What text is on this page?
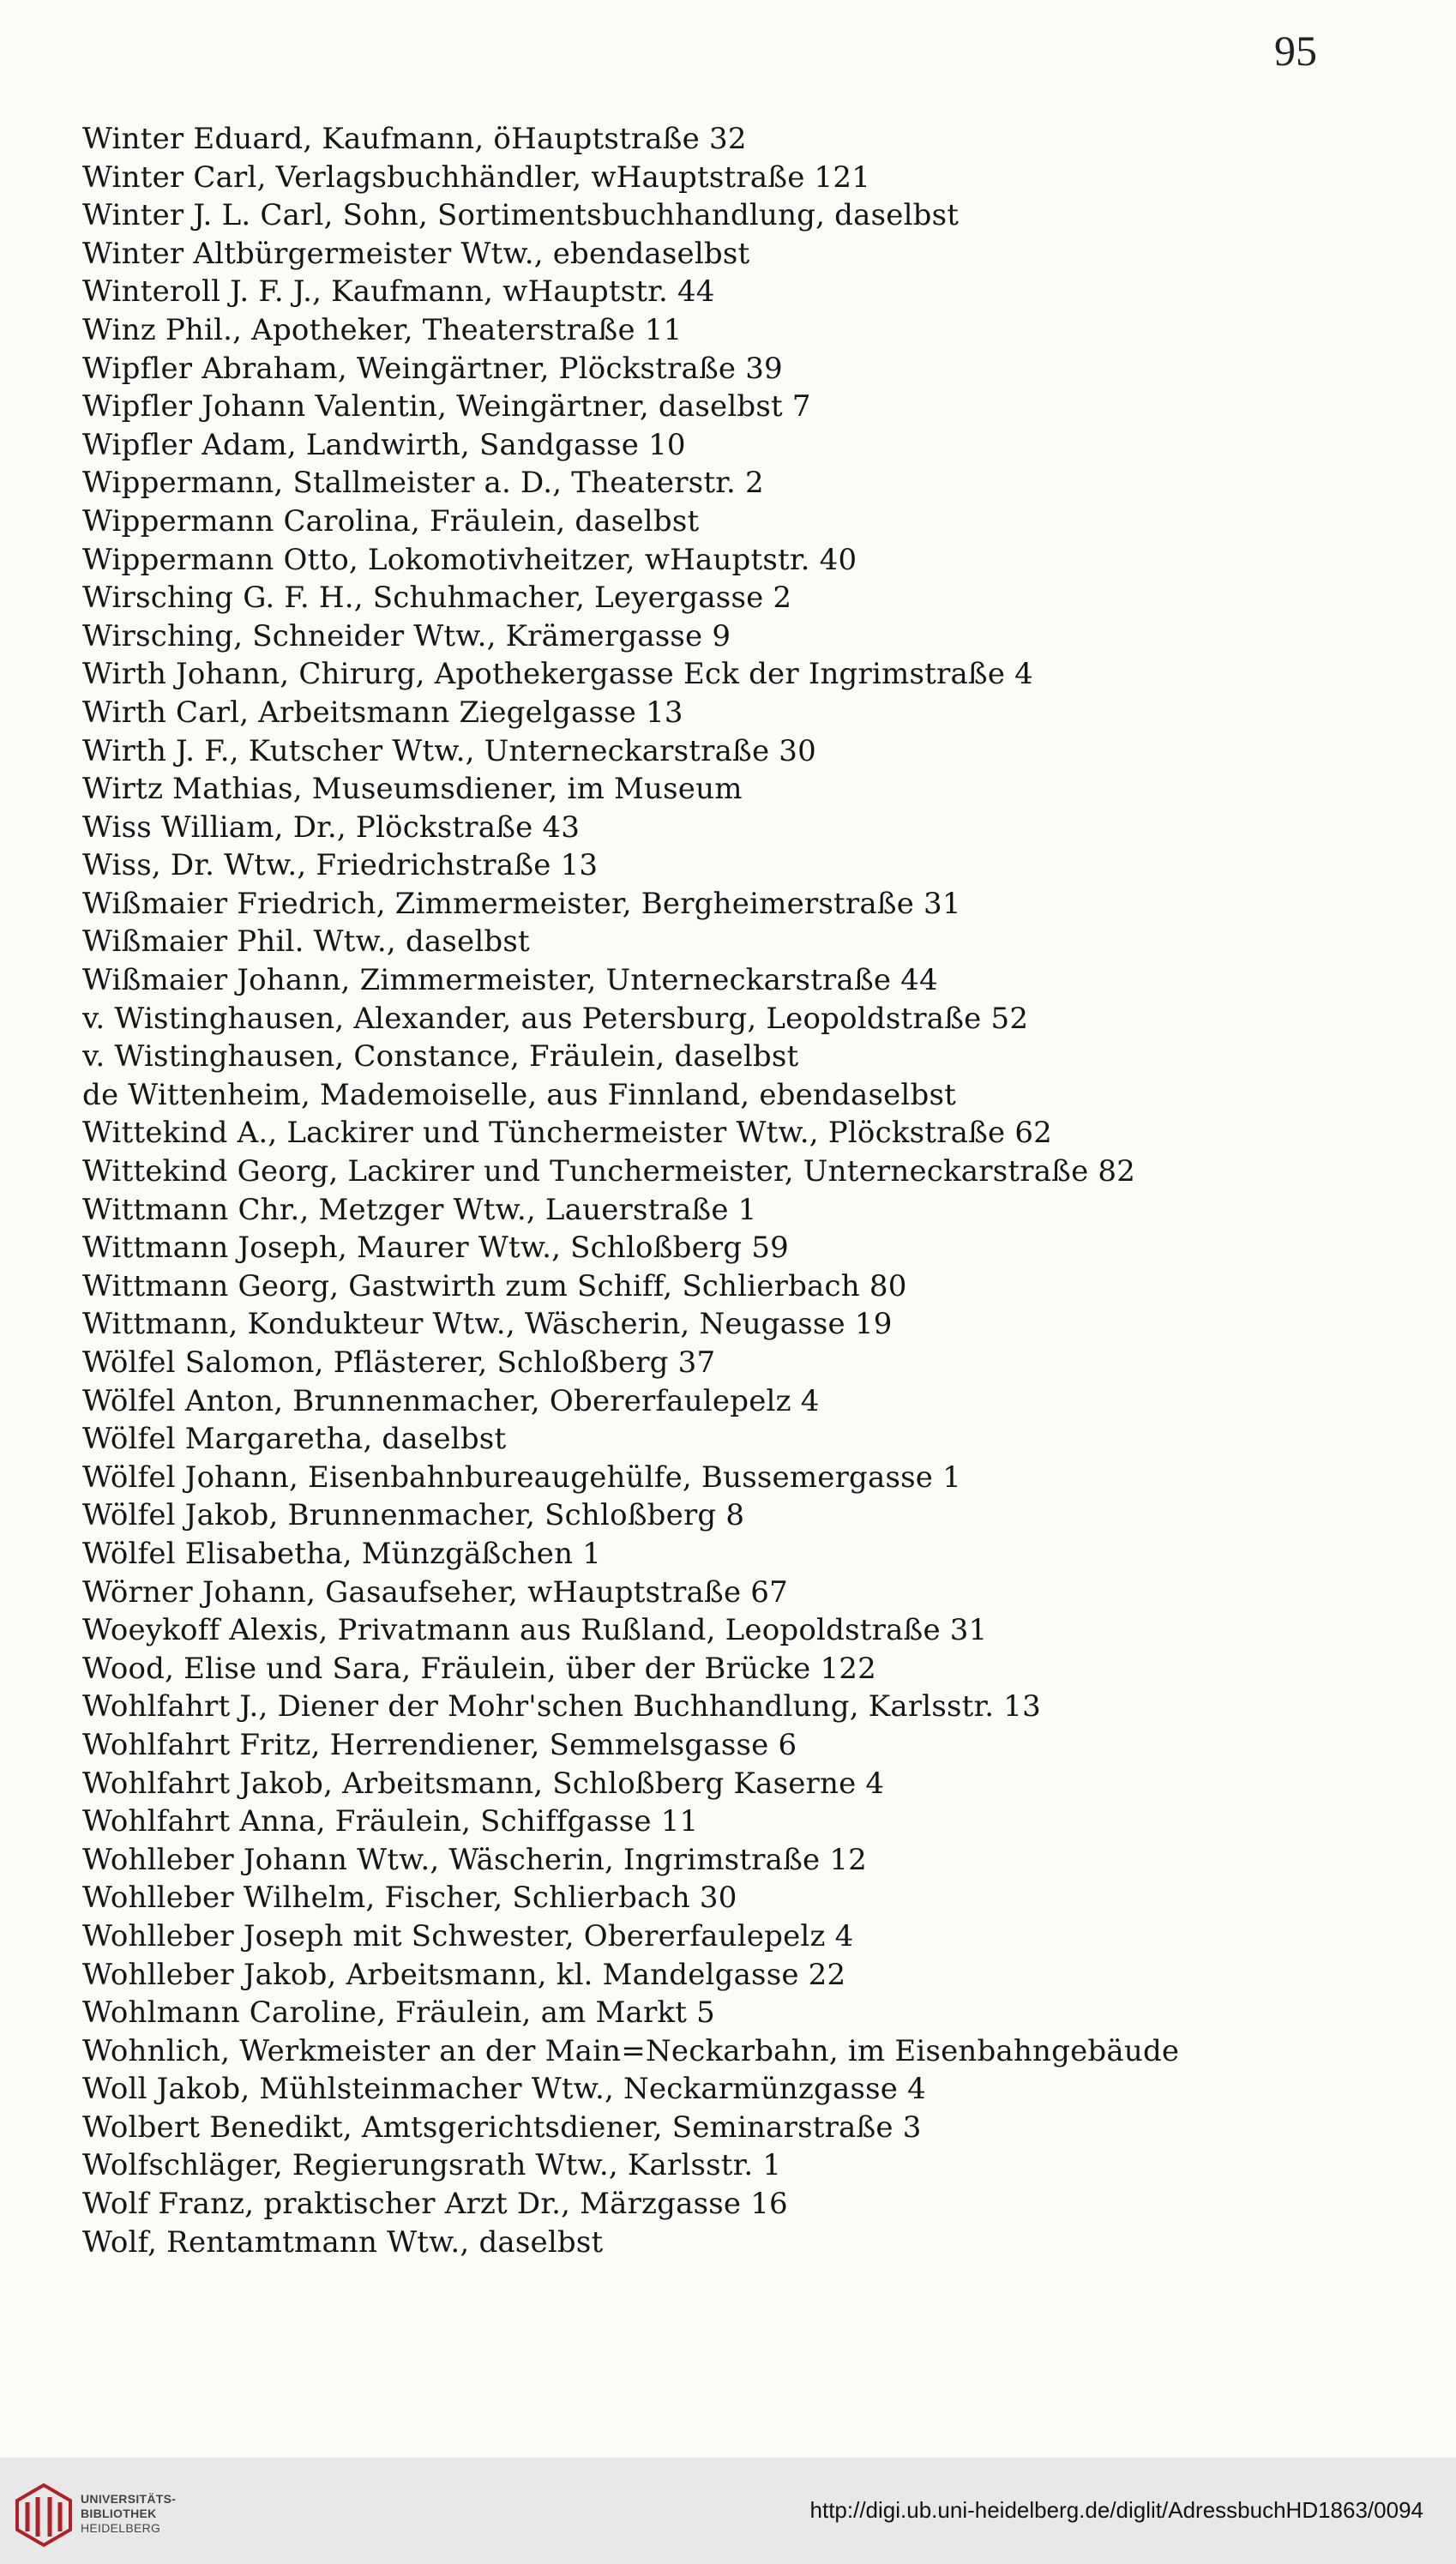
95
Winter Eduard, Kaufmann, öHauptstraße 32
Winter Carl, Verlagsbuchhändler, wHauptstraße 121
Winter J. L. Carl, Sohn, Sortimentsbuchhandlung, daselbst
Winter Altbürgermeister Wtw., ebendaselbst
Winteroll J. F. J., Kaufmann, wHauptstr. 44
Winz Phil., Apotheker, Theaterstraße 11
Wipfler Abraham, Weingärtner, Plöckstraße 39
Wipfler Johann Valentin, Weingärtner, daselbst 7
Wipfler Adam, Landwirth, Sandgasse 10
Wippermann, Stallmeister a. D., Theaterstr. 2
Wippermann Carolina, Fräulein, daselbst
Wippermann Otto, Lokomotivheitzer, wHauptstr. 40
Wirsching G. F. H., Schuhmacher, Leyergasse 2
Wirsching, Schneider Wtw., Krämergasse 9
Wirth Johann, Chirurg, Apothekergasse Eck der Ingrimstraße 4
Wirth Carl, Arbeitsmann Ziegelgasse 13
Wirth J. F., Kutscher Wtw., Unterneckarstraße 30
Wirtz Mathias, Museumsdiener, im Museum
Wiss William, Dr., Plöckstraße 43
Wiss, Dr. Wtw., Friedrichstraße 13
Wißmaier Friedrich, Zimmermeister, Bergheimerstraße 31
Wißmaier Phil. Wtw., daselbst
Wißmaier Johann, Zimmermeister, Unterneckarstraße 44
v. Wistinghausen, Alexander, aus Petersburg, Leopoldstraße 52
v. Wistinghausen, Constance, Fräulein, daselbst
de Wittenheim, Mademoiselle, aus Finnland, ebendaselbst
Wittekind A., Lackirer und Tünchermeister Wtw., Plöckstraße 62
Wittekind Georg, Lackirer und Tunchermeister, Unterneckarstraße 82
Wittmann Chr., Metzger Wtw., Lauerstraße 1
Wittmann Joseph, Maurer Wtw., Schloßberg 59
Wittmann Georg, Gastwirth zum Schiff, Schlierbach 80
Wittmann, Kondukteur Wtw., Wäscherin, Neugasse 19
Wölfel Salomon, Pflästerer, Schloßberg 37
Wölfel Anton, Brunnenmacher, Obererfaulepelz 4
Wölfel Margaretha, daselbst
Wölfel Johann, Eisenbahnbureaugehülfe, Bussemergasse 1
Wölfel Jakob, Brunnenmacher, Schloßberg 8
Wölfel Elisabetha, Münzgäßchen 1
Wörner Johann, Gasaufseher, wHauptstraße 67
Woeykoff Alexis, Privatmann aus Rußland, Leopoldstraße 31
Wood, Elise und Sara, Fräulein, über der Brücke 122
Wohlfahrt J., Diener der Mohr'schen Buchhandlung, Karlsstr. 13
Wohlfahrt Fritz, Herrendiener, Semmelsgasse 6
Wohlfahrt Jakob, Arbeitsmann, Schloßberg Kaserne 4
Wohlfahrt Anna, Fräulein, Schiffgasse 11
Wohlleber Johann Wtw., Wäscherin, Ingrimstraße 12
Wohlleber Wilhelm, Fischer, Schlierbach 30
Wohlleber Joseph mit Schwester, Obererfaulepelz 4
Wohlleber Jakob, Arbeitsmann, kl. Mandelgasse 22
Wohlmann Caroline, Fräulein, am Markt 5
Wohnlich, Werkmeister an der Main=Neckarbahn, im Eisenbahngebäude
Woll Jakob, Mühlsteinmacher Wtw., Neckarmünzgasse 4
Wolbert Benedikt, Amtsgerichtsdiener, Seminarstraße 3
Wolfschläger, Regierungsrath Wtw., Karlsstr. 1
Wolf Franz, praktischer Arzt Dr., Märzgasse 16
Wolf, Rentamtmann Wtw., daselbst
UNIVERSITÄTS-
BIBLIOTHEK
HEIDELBERG
http://digi.ub.uni-heidelberg.de/diglit/AdressbuchHD1863/0094
